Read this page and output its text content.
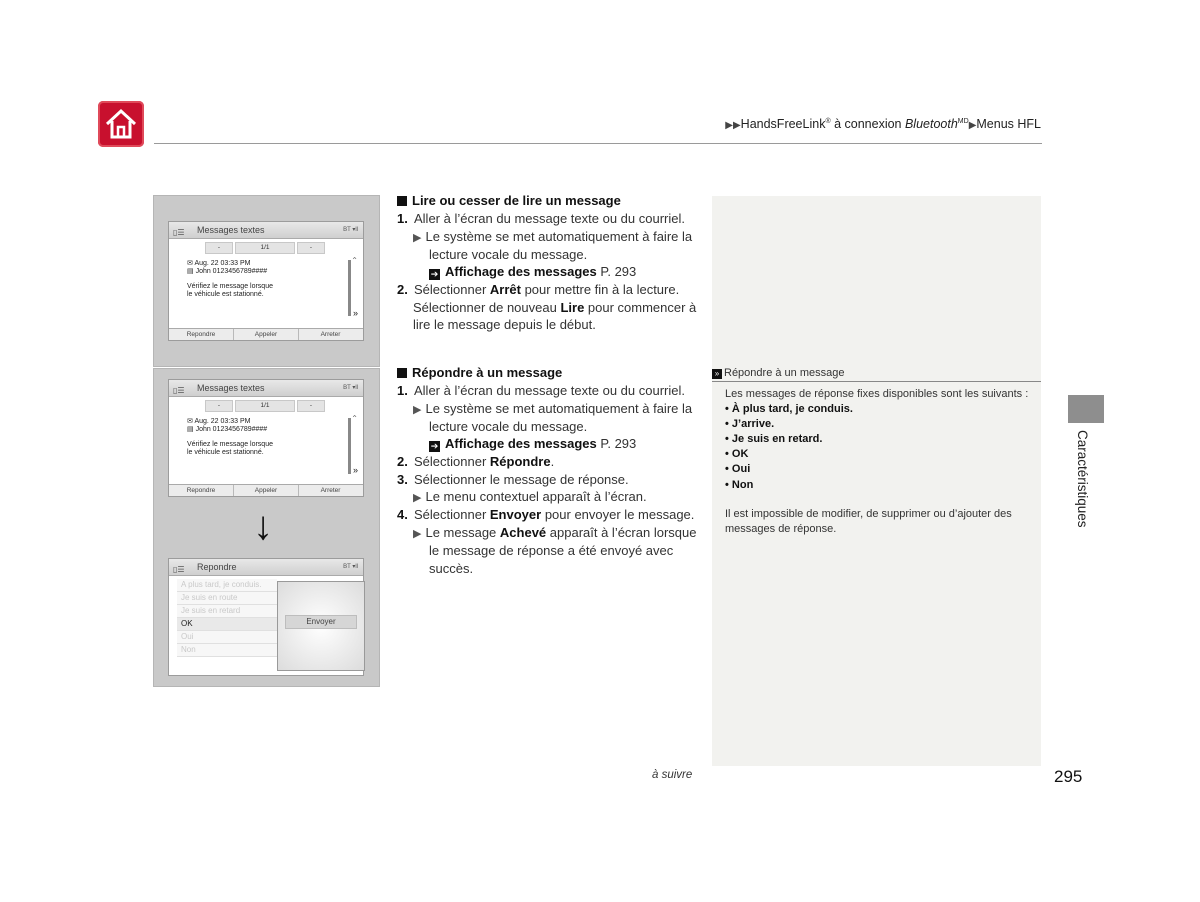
▶▶HandsFreeLink® à connexion Bluetooth$^{MD}$▶Menus HFL
▯☰ Messages textes	BT ▾ll
-	1/1	-
✉ Aug. 22 03:33 PM
▤ John 0123456789####
Vérifiez le message lorsque
le véhicule est stationné.
⌃
»
Repondre	Appeler	Arreter
▯☰ Messages textes	BT ▾ll
-	1/1	-
✉ Aug. 22 03:33 PM
▤ John 0123456789####
Vérifiez le message lorsque
le véhicule est stationné.
⌃
»
Repondre	Appeler	Arreter
▯☰ Repondre	BT ▾ll
A plus tard, je conduis.
Je suis en route
Je suis en retard
OK
Oui
Non
Envoyer
↓
Lire ou cesser de lire un message
1. Aller à l’écran du message texte ou du courriel.
▶ Le système se met automatiquement à faire la
lecture vocale du message.
➔ Affichage des messages P. 293
2. Sélectionner Arrêt pour mettre fin à la lecture.
Sélectionner de nouveau Lire pour commencer à
lire le message depuis le début.
Répondre à un message
1. Aller à l’écran du message texte ou du courriel.
▶ Le système se met automatiquement à faire la
lecture vocale du message.
➔ Affichage des messages P. 293
2. Sélectionner Répondre.
3. Sélectionner le message de réponse.
▶ Le menu contextuel apparaît à l’écran.
4. Sélectionner Envoyer pour envoyer le message.
▶ Le message Achevé apparaît à l’écran lorsque
le message de réponse a été envoyé avec
succès.
» Répondre à un message
Les messages de réponse fixes disponibles sont les suivants :
• À plus tard, je conduis.
• J’arrive.
• Je suis en retard.
• OK
• Oui
• Non
Il est impossible de modifier, de supprimer ou d’ajouter des
messages de réponse.
Caractéristiques
à suivre	295
